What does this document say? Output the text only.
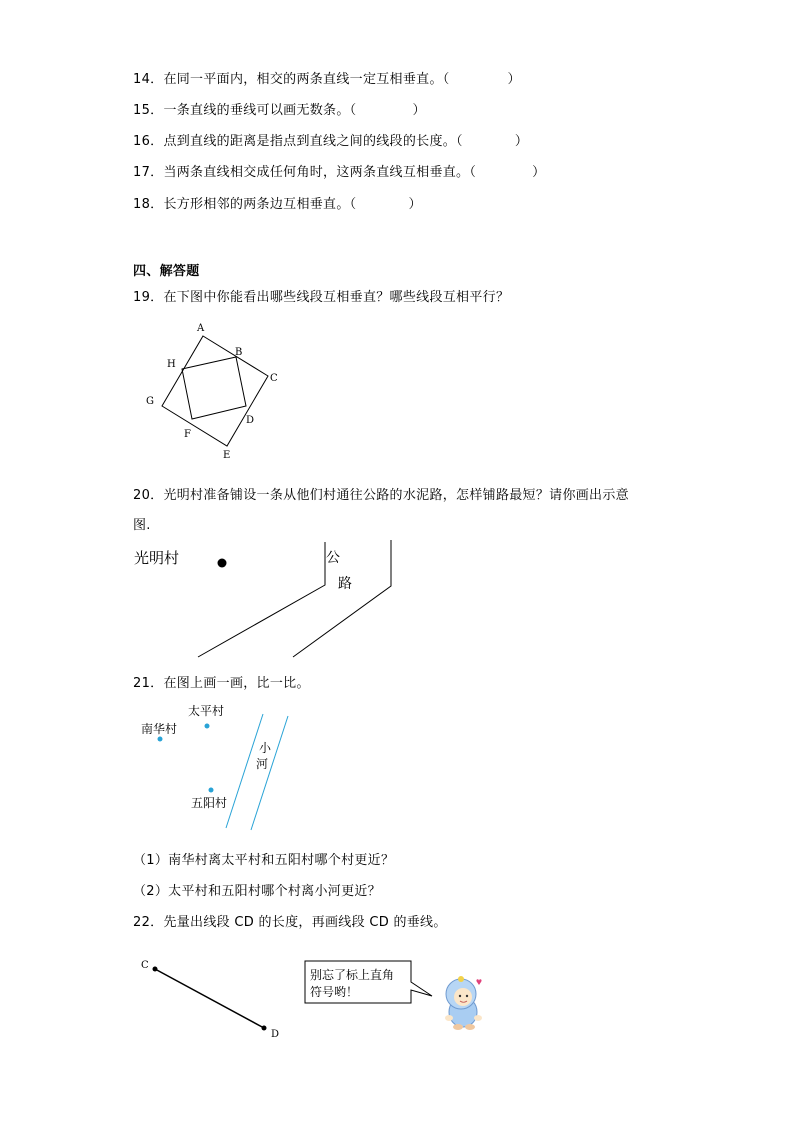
14．在同一平面内，相交的两条直线一定互相垂直。（	）
15．一条直线的垂线可以画无数条。（	）
16．点到直线的距离是指点到直线之间的线段的长度。（	）
17．当两条直线相交成任何角时，这两条直线互相垂直。（	）
18．长方形相邻的两条边互相垂直。（	）
四、解答题
19．在下图中你能看出哪些线段互相垂直？哪些线段互相平行？
A
B
C
D
E
F
G
H
光明村	公
路
南华村
太平村
五阳村
小
河
C
D
别忘了标上直角
符号哟！
20．光明村准备铺设一条从他们村通往公路的水泥路，怎样铺路最短？请你画出示意
图.
21．在图上画一画，比一比。
（1）南华村离太平村和五阳村哪个村更近？
（2）太平村和五阳村哪个村离小河更近？
22．先量出线段 CD 的长度，再画线段 CD 的垂线。
